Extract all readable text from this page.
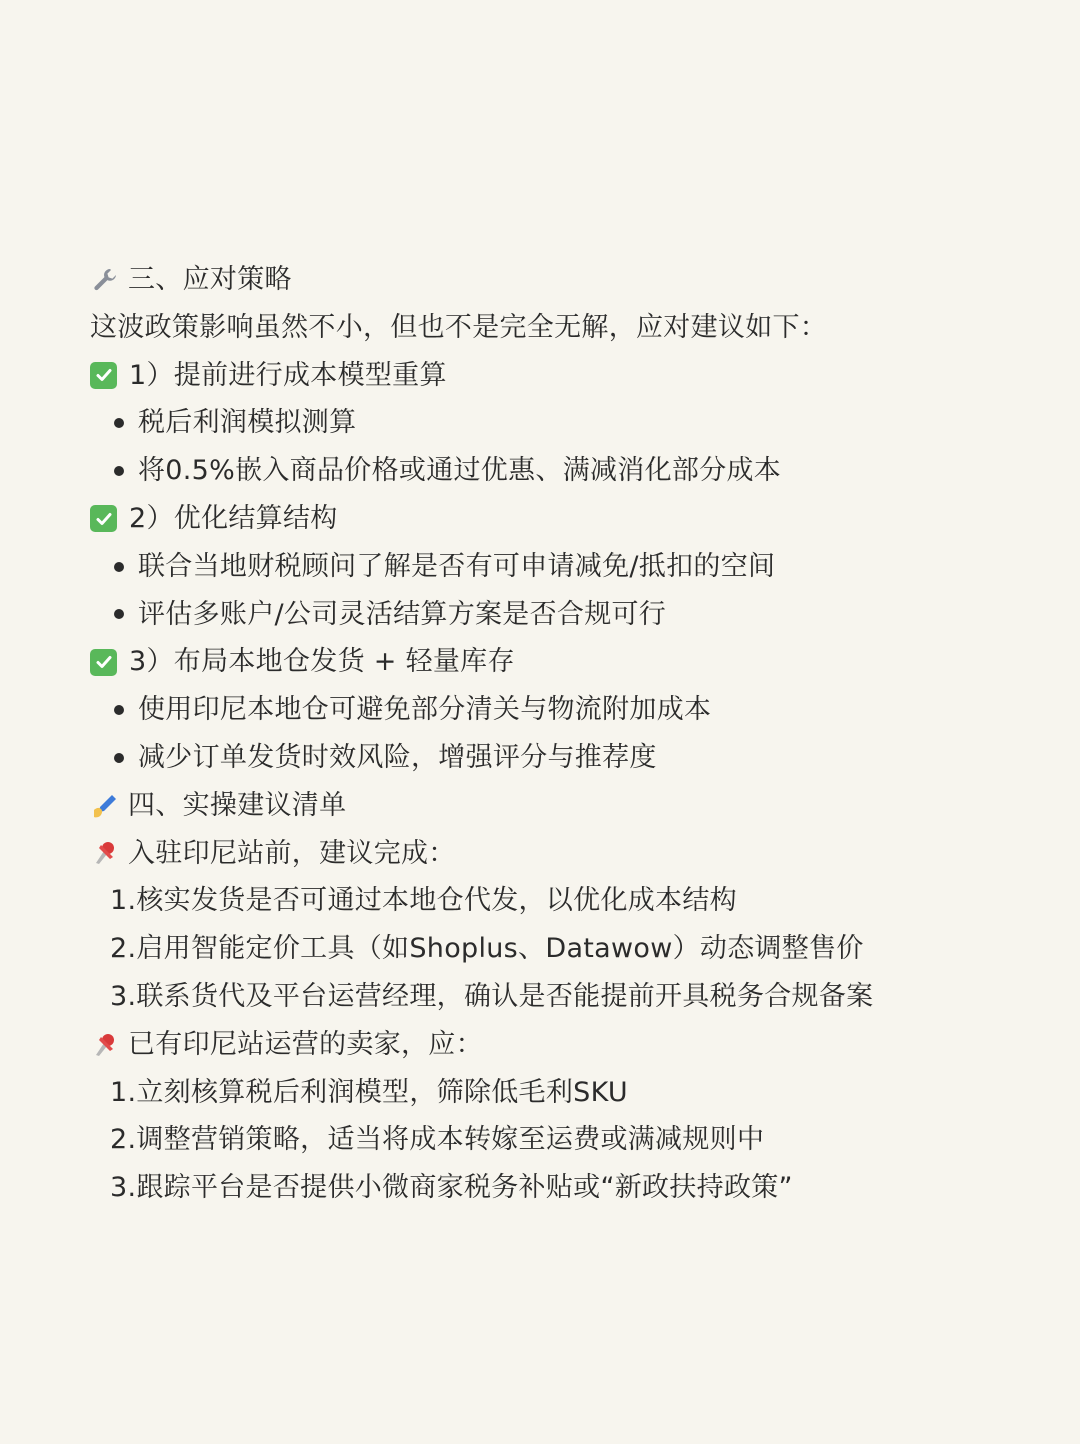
三、应对策略
这波政策影响虽然不小，但也不是完全无解，应对建议如下：
1）提前进行成本模型重算
税后利润模拟测算
将0.5%嵌入商品价格或通过优惠、满减消化部分成本
2）优化结算结构
联合当地财税顾问了解是否有可申请减免/抵扣的空间
评估多账户/公司灵活结算方案是否合规可行
3）布局本地仓发货 + 轻量库存
使用印尼本地仓可避免部分清关与物流附加成本
减少订单发货时效风险，增强评分与推荐度
四、实操建议清单
入驻印尼站前，建议完成：
1.核实发货是否可通过本地仓代发，以优化成本结构
2.启用智能定价工具（如Shoplus、Datawow）动态调整售价
3.联系货代及平台运营经理，确认是否能提前开具税务合规备案
已有印尼站运营的卖家，应：
1.立刻核算税后利润模型，筛除低毛利SKU
2.调整营销策略，适当将成本转嫁至运费或满减规则中
3.跟踪平台是否提供小微商家税务补贴或“新政扶持政策”
